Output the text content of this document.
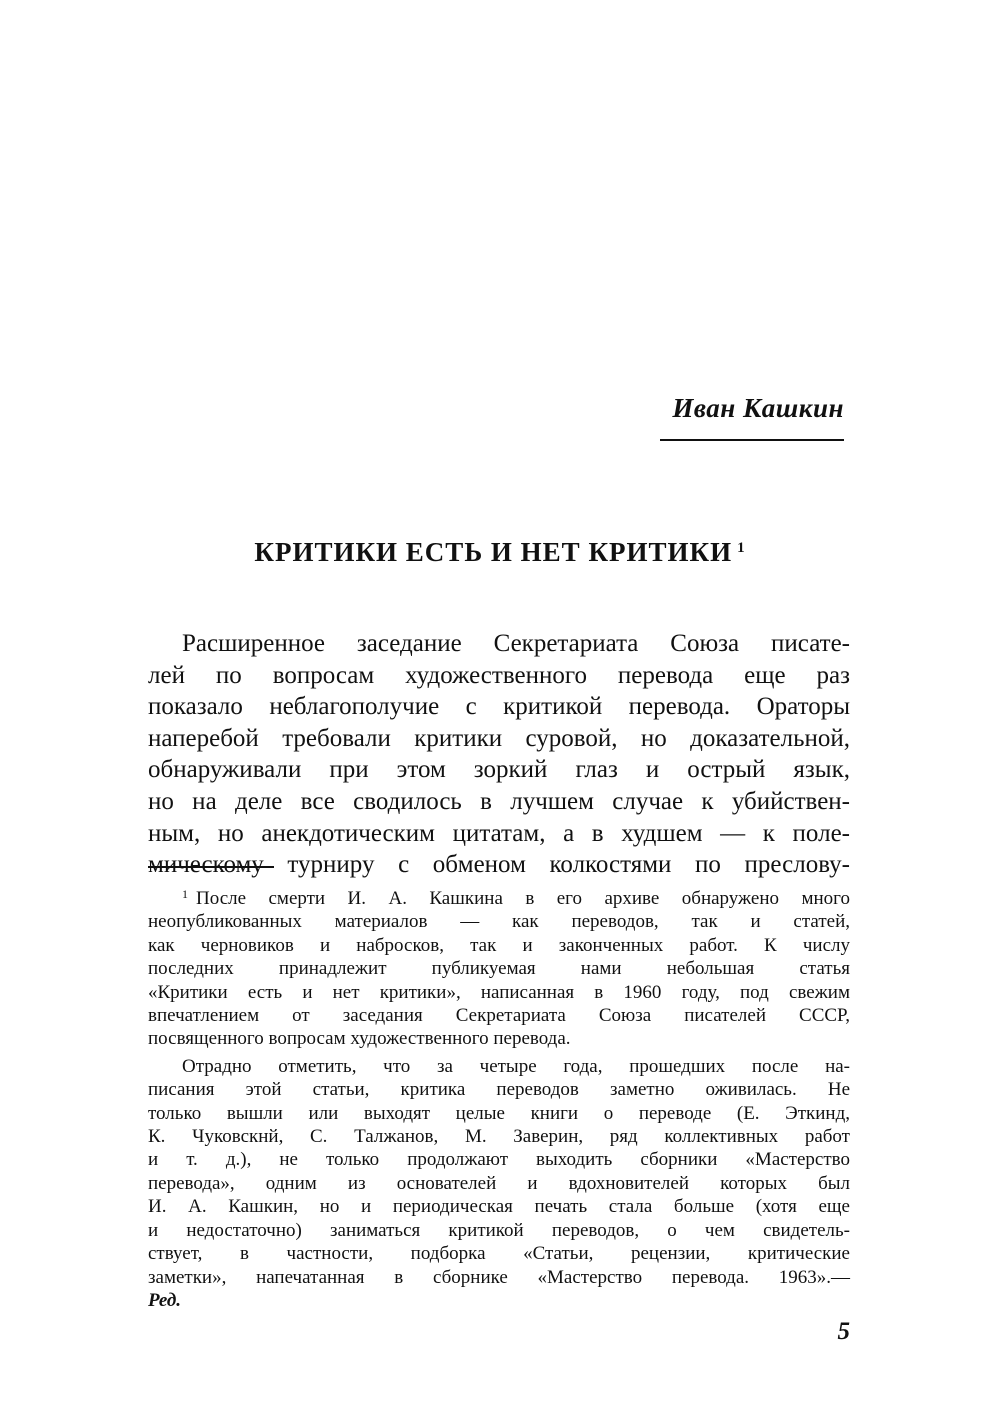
Иван Кашкин
КРИТИКИ ЕСТЬ И НЕТ КРИТИКИ $^1$
Расширенное заседание Секретариата Союза писате-
лей по вопросам художественного перевода еще раз
показало неблагополучие с критикой перевода. Ораторы
наперебой требовали критики суровой, но доказательной,
обнаруживали при этом зоркий глаз и острый язык,
но на деле все сводилось в лучшем случае к убийствен-
ным, но анекдотическим цитатам, а в худшем — к поле-
мическому турниру с обменом колкостями по преслову-
$^1$ После смерти И. А. Кашкина в его архиве обнаружено много
неопубликованных материалов — как переводов, так и статей,
как черновиков и набросков, так и законченных работ. К числу
последних принадлежит публикуемая нами небольшая статья
«Критики есть и нет критики», написанная в 1960 году, под свежим
впечатлением от заседания Секретариата Союза писателей СССР,
посвященного вопросам художественного перевода.
Отрадно отметить, что за четыре года, прошедших после на-
писания этой статьи, критика переводов заметно оживилась. Не
только вышли или выходят целые книги о переводе (Е. Эткинд,
К. Чуковскнй, С. Талжанов, М. Заверин, ряд коллективных работ
и т. д.), не только продолжают выходить сборники «Мастерство
перевода», одним из основателей и вдохновителей которых был
И. А. Кашкин, но и периодическая печать стала больше (хотя еще
и недостаточно) заниматься критикой переводов, о чем свидетель-
ствует, в частности, подборка «Статьи, рецензии, критические
заметки», напечатанная в сборнике «Мастерство перевода. 1963».—
Ред.
5
